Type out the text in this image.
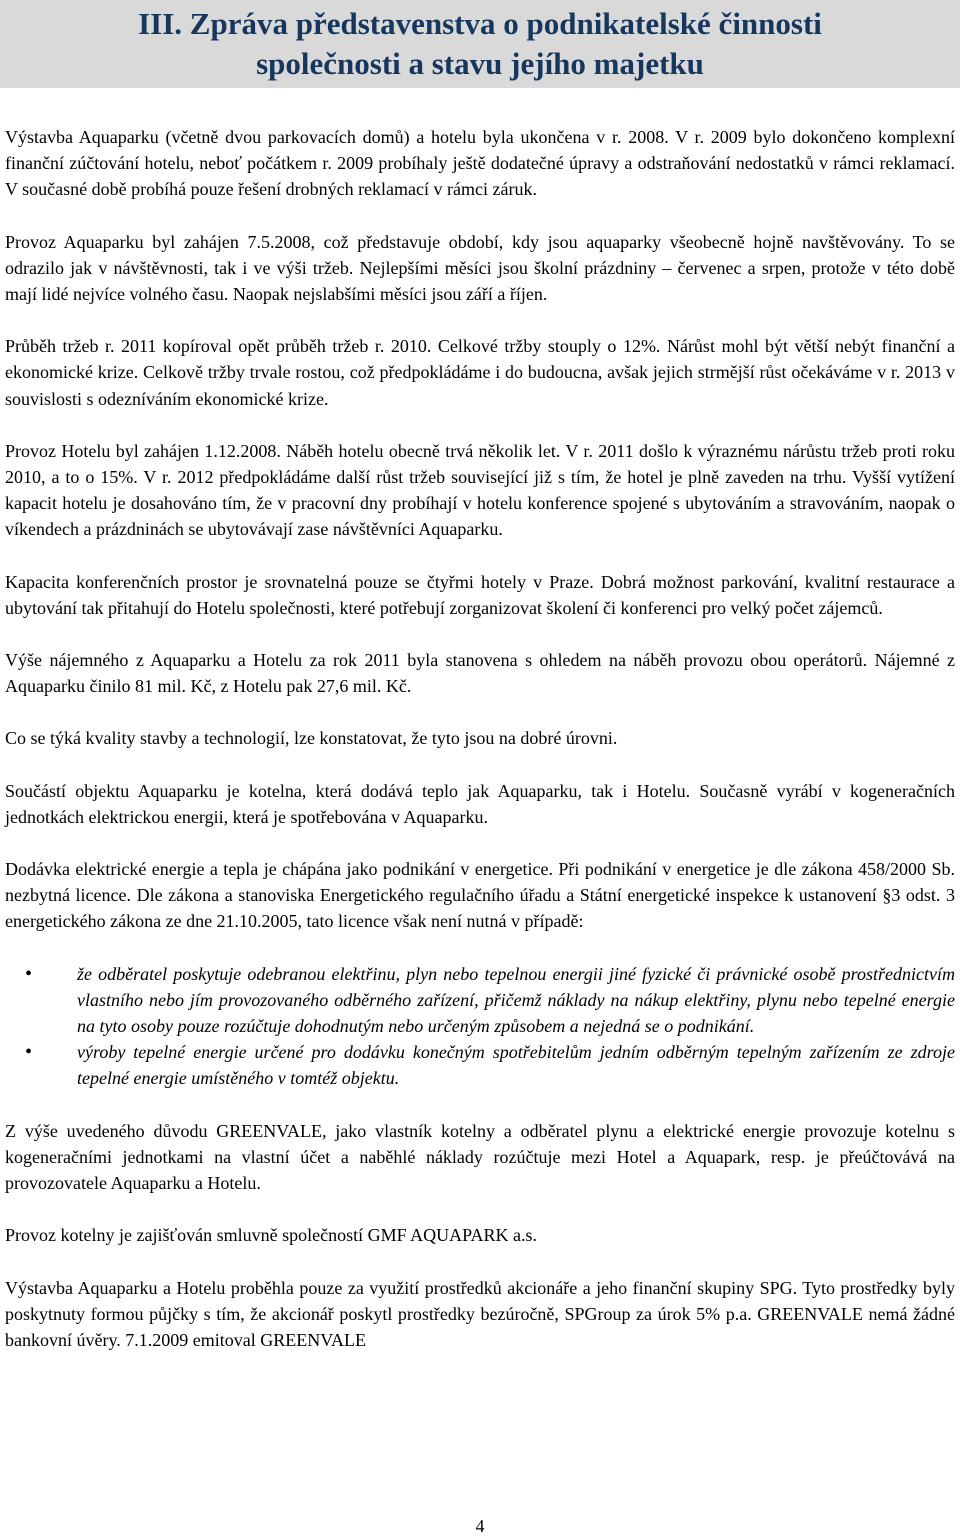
III. Zpráva představenstva o podnikatelské činnosti
společnosti a stavu jejího majetku

Výstavba Aquaparku (včetně dvou parkovacích domů) a hotelu byla ukončena v r. 2008. V r. 2009 bylo dokončeno komplexní finanční zúčtování hotelu, neboť počátkem r. 2009 probíhaly ještě dodatečné úpravy a odstraňování nedostatků v rámci reklamací. V současné době probíhá pouze řešení drobných reklamací v rámci záruk.

Provoz Aquaparku byl zahájen 7.5.2008, což představuje období, kdy jsou aquaparky všeobecně hojně navštěvovány. To se odrazilo jak v návštěvnosti, tak i ve výši tržeb. Nejlepšími měsíci jsou školní prázdniny – červenec a srpen, protože v této době mají lidé nejvíce volného času. Naopak nejslabšími měsíci jsou září a říjen.

Průběh tržeb r. 2011 kopíroval opět průběh tržeb r. 2010. Celkové tržby stouply o 12%. Nárůst mohl být větší nebýt finanční a ekonomické krize. Celkově tržby trvale rostou, což předpokládáme i do budoucna, avšak jejich strmější růst očekáváme v r. 2013 v souvislosti s odezníváním ekonomické krize.

Provoz Hotelu byl zahájen 1.12.2008. Náběh hotelu obecně trvá několik let. V r. 2011 došlo k výraznému nárůstu tržeb proti roku 2010, a to o 15%. V r. 2012 předpokládáme další růst tržeb související již s tím, že hotel je plně zaveden na trhu. Vyšší vytížení kapacit hotelu je dosahováno tím, že v pracovní dny probíhají v hotelu konference spojené s ubytováním a stravováním, naopak o víkendech a prázdninách se ubytovávají zase návštěvníci Aquaparku.

Kapacita konferenčních prostor je srovnatelná pouze se čtyřmi hotely v Praze. Dobrá možnost parkování, kvalitní restaurace a ubytování tak přitahují do Hotelu společnosti, které potřebují zorganizovat školení či konferenci pro velký počet zájemců.

Výše nájemného z Aquaparku a Hotelu za rok 2011 byla stanovena s ohledem na náběh provozu obou operátorů. Nájemné z Aquaparku činilo 81 mil. Kč, z Hotelu pak 27,6 mil. Kč.

Co se týká kvality stavby a technologií, lze konstatovat, že tyto jsou na dobré úrovni.

Součástí objektu Aquaparku je kotelna, která dodává teplo jak Aquaparku, tak i Hotelu. Současně vyrábí v kogeneračních jednotkách elektrickou energii, která je spotřebována v Aquaparku.

Dodávka elektrické energie a tepla je chápána jako podnikání v energetice. Při podnikání v energetice je dle zákona 458/2000 Sb. nezbytná licence. Dle zákona a stanoviska Energetického regulačního úřadu a Státní energetické inspekce k ustanovení §3 odst. 3 energetického zákona ze dne 21.10.2005, tato licence však není nutná v případě:

• že odběratel poskytuje odebranou elektřinu, plyn nebo tepelnou energii jiné fyzické či právnické osobě prostřednictvím vlastního nebo jím provozovaného odběrného zařízení, přičemž náklady na nákup elektřiny, plynu nebo tepelné energie na tyto osoby pouze rozúčtuje dohodnutým nebo určeným způsobem a nejedná se o podnikání.
• výroby tepelné energie určené pro dodávku konečným spotřebitelům jedním odběrným tepelným zařízením ze zdroje tepelné energie umístěného v tomtéž objektu.

Z výše uvedeného důvodu GREENVALE, jako vlastník kotelny a odběratel plynu a elektrické energie provozuje kotelnu s kogeneračními jednotkami na vlastní účet a naběhlé náklady rozúčtuje mezi Hotel a Aquapark, resp. je přeúčtovává na provozovatele Aquaparku a Hotelu.

Provoz kotelny je zajišťován smluvně společností GMF AQUAPARK a.s.

Výstavba Aquaparku a Hotelu proběhla pouze za využití prostředků akcionáře a jeho finanční skupiny SPG. Tyto prostředky byly poskytnuty formou půjčky s tím, že akcionář poskytl prostředky bezúročně, SPGroup za úrok 5% p.a. GREENVALE nemá žádné bankovní úvěry. 7.1.2009 emitoval GREENVALE

4
